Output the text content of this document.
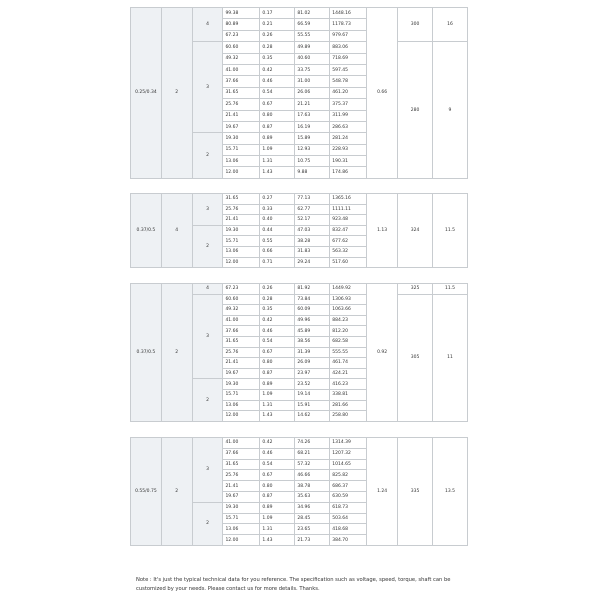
0.25/0.34	2	4	99.38	0.17	81.02	1448.16	0.66	300	16
			80.89	0.21	66.59	1178.73			
			67.23	0.26	55.55	979.67			
		3	60.60	0.28	49.89	883.06		280	9
			49.32	0.35	40.60	718.69			
			41.00	0.42	33.75	597.45			
			37.66	0.46	31.00	548.78			
			31.65	0.54	26.06	461.20			
			25.76	0.67	21.21	375.37			
			21.41	0.80	17.63	311.99			
			19.67	0.87	16.19	286.63			
		2	19.30	0.89	15.89	281.24			
			15.71	1.09	12.93	228.93			
			13.06	1.31	10.75	190.31			
			12.00	1.43	9.88	174.86			
0.37/0.5	4	3	31.65	0.27	77.13	1365.16	1.13	324	11.5
			25.76	0.33	62.77	1111.11			
			21.41	0.40	52.17	923.48			
		2	19.30	0.44	47.03	832.47			
			15.71	0.55	38.28	677.62			
			13.06	0.66	31.83	563.32			
			12.00	0.71	29.24	517.60			
0.37/0.5	2	4	67.23	0.26	81.92	1449.92	0.92	325	11.5
		3	60.60	0.28	73.84	1306.93		305	11
			49.32	0.35	60.09	1063.66			
			41.00	0.42	49.96	884.23			
			37.66	0.46	45.89	812.20			
			31.65	0.54	38.56	682.58			
			25.76	0.67	31.39	555.55			
			21.41	0.80	26.09	461.74			
			19.67	0.87	23.97	424.21			
		2	19.30	0.89	23.52	416.23			
			15.71	1.09	19.14	338.81			
			13.06	1.31	15.91	281.66			
			12.00	1.43	14.62	258.80			
0.55/0.75	2	3	41.00	0.42	74.26	1314.39	1.24	335	13.5
			37.66	0.46	68.21	1207.32			
			31.65	0.54	57.32	1014.65			
			25.76	0.67	46.66	825.82			
			21.41	0.80	38.78	686.37			
			19.67	0.87	35.63	630.59			
		2	19.30	0.89	34.96	618.73			
			15.71	1.09	28.45	503.64			
			13.06	1.31	23.65	418.68			
			12.00	1.43	21.73	384.70			
Note : It's just the typical technical data for you reference. The specification such as voltage, speed, torque, shaft can be
customized by your needs. Please contact us for more details. Thanks.
